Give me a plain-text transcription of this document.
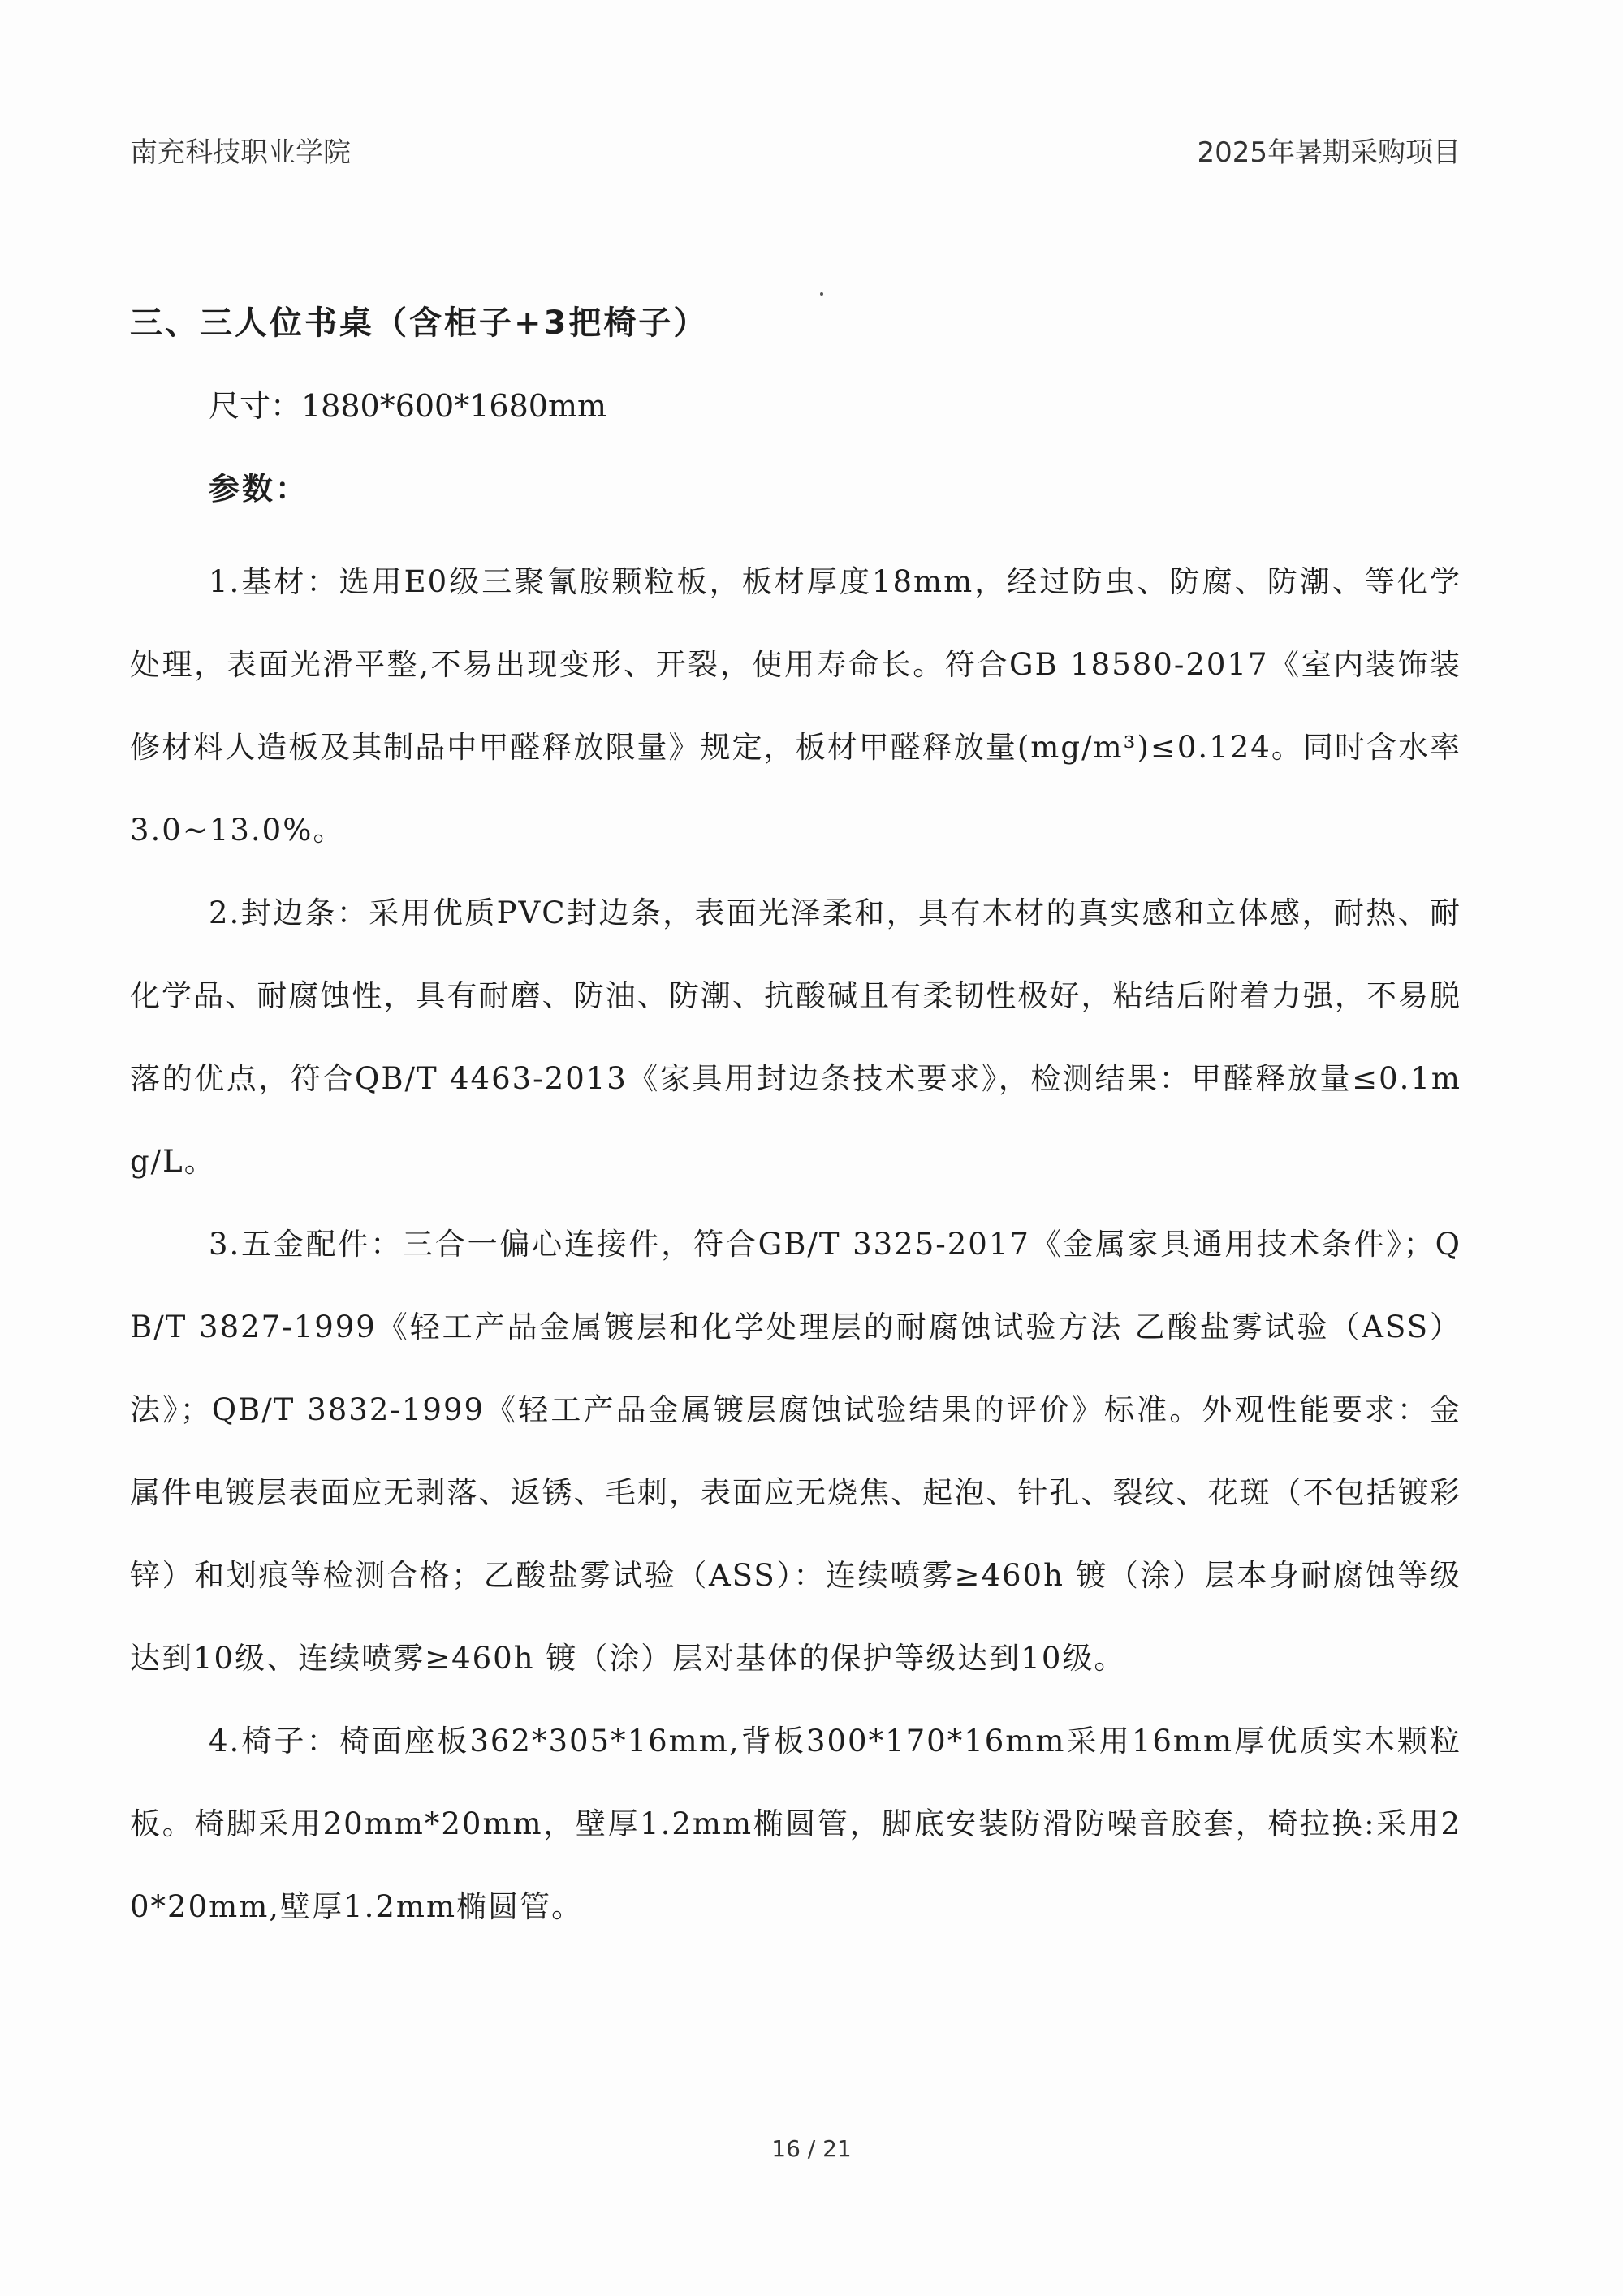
南充科技职业学院	2025年暑期采购项目
三、三人位书桌（含柜子+3把椅子）
尺寸：1880*600*1680mm
参数：

1.基材：选用E0级三聚氰胺颗粒板，板材厚度18mm，经过防虫、防腐、防潮、等化学处理，表面光滑平整,不易出现变形、开裂，使用寿命长。符合GB 18580-2017《室内装饰装修材料人造板及其制品中甲醛释放限量》规定，板材甲醛释放量(mg/m³)≤0.124。同时含水率3.0~13.0%。

2.封边条：采用优质PVC封边条，表面光泽柔和，具有木材的真实感和立体感，耐热、耐化学品、耐腐蚀性，具有耐磨、防油、防潮、抗酸碱且有柔韧性极好，粘结后附着力强，不易脱落的优点，符合QB/T 4463-2013《家具用封边条技术要求》，检测结果：甲醛释放量≤0.1mg/L。

3.五金配件：三合一偏心连接件，符合GB/T 3325-2017《金属家具通用技术条件》；QB/T 3827-1999《轻工产品金属镀层和化学处理层的耐腐蚀试验方法 乙酸盐雾试验（ASS）法》；QB/T 3832-1999《轻工产品金属镀层腐蚀试验结果的评价》标准。外观性能要求：金属件电镀层表面应无剥落、返锈、毛刺，表面应无烧焦、起泡、针孔、裂纹、花斑（不包括镀彩锌）和划痕等检测合格；乙酸盐雾试验（ASS）：连续喷雾≥460h 镀（涂）层本身耐腐蚀等级达到10级、连续喷雾≥460h 镀（涂）层对基体的保护等级达到10级。

4.椅子：椅面座板362*305*16mm,背板300*170*16mm采用16mm厚优质实木颗粒板。椅脚采用20mm*20mm，壁厚1.2mm椭圆管，脚底安装防滑防噪音胶套，椅拉换:采用20*20mm,壁厚1.2mm椭圆管。

16 / 21
